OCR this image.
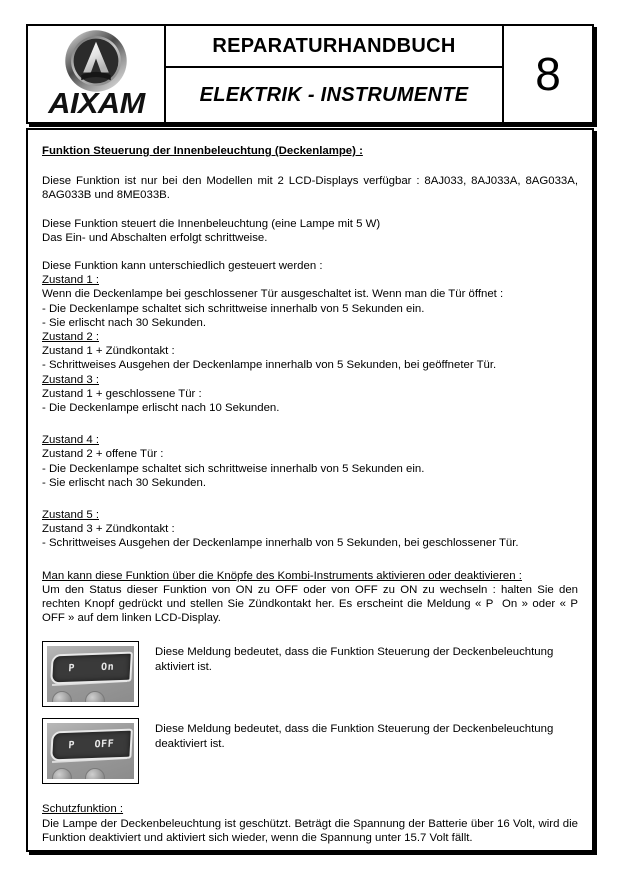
AIXAM
REPARATURHANDBUCH
ELEKTRIK - INSTRUMENTE 8
Funktion Steuerung der Innenbeleuchtung (Deckenlampe) :
Diese Funktion ist nur bei den Modellen mit 2 LCD-Displays verfügbar : 8AJ033, 8AJ033A, 8AG033A, 8AG033B und 8ME033B.
Diese Funktion steuert die Innenbeleuchtung (eine Lampe mit 5 W)
Das Ein- und Abschalten erfolgt schrittweise.
Diese Funktion kann unterschiedlich gesteuert werden :
Zustand 1 :
Wenn die Deckenlampe bei geschlossener Tür ausgeschaltet ist. Wenn man die Tür öffnet :
- Die Deckenlampe schaltet sich schrittweise innerhalb von 5 Sekunden ein.
- Sie erlischt nach 30 Sekunden.
Zustand 2 :
Zustand 1 + Zündkontakt :
- Schrittweises Ausgehen der Deckenlampe innerhalb von 5 Sekunden, bei geöffneter Tür.
Zustand 3 :
Zustand 1 + geschlossene Tür :
- Die Deckenlampe erlischt nach 10 Sekunden.
Zustand 4 :
Zustand 2 + offene Tür :
- Die Deckenlampe schaltet sich schrittweise innerhalb von 5 Sekunden ein.
- Sie erlischt nach 30 Sekunden.
Zustand 5 :
Zustand 3 + Zündkontakt :
- Schrittweises Ausgehen der Deckenlampe innerhalb von 5 Sekunden, bei geschlossener Tür.
Man kann diese Funktion über die Knöpfe des Kombi-Instruments aktivieren oder deaktivieren :
Um den Status dieser Funktion von ON zu OFF oder von OFF zu ON zu wechseln : halten Sie den rechten Knopf gedrückt und stellen Sie Zündkontakt her. Es erscheint die Meldung « P  On » oder « P  OFF » auf dem linken LCD-Display.
P    On
Diese Meldung bedeutet, dass die Funktion Steuerung der Deckenbeleuchtung aktiviert ist.
P   OFF
Diese Meldung bedeutet, dass die Funktion Steuerung der Deckenbeleuchtung deaktiviert ist.
Schutzfunktion :
Die Lampe der Deckenbeleuchtung ist geschützt. Beträgt die Spannung der Batterie über 16 Volt, wird die Funktion deaktiviert und aktiviert sich wieder, wenn die Spannung unter 15.7 Volt fällt.
